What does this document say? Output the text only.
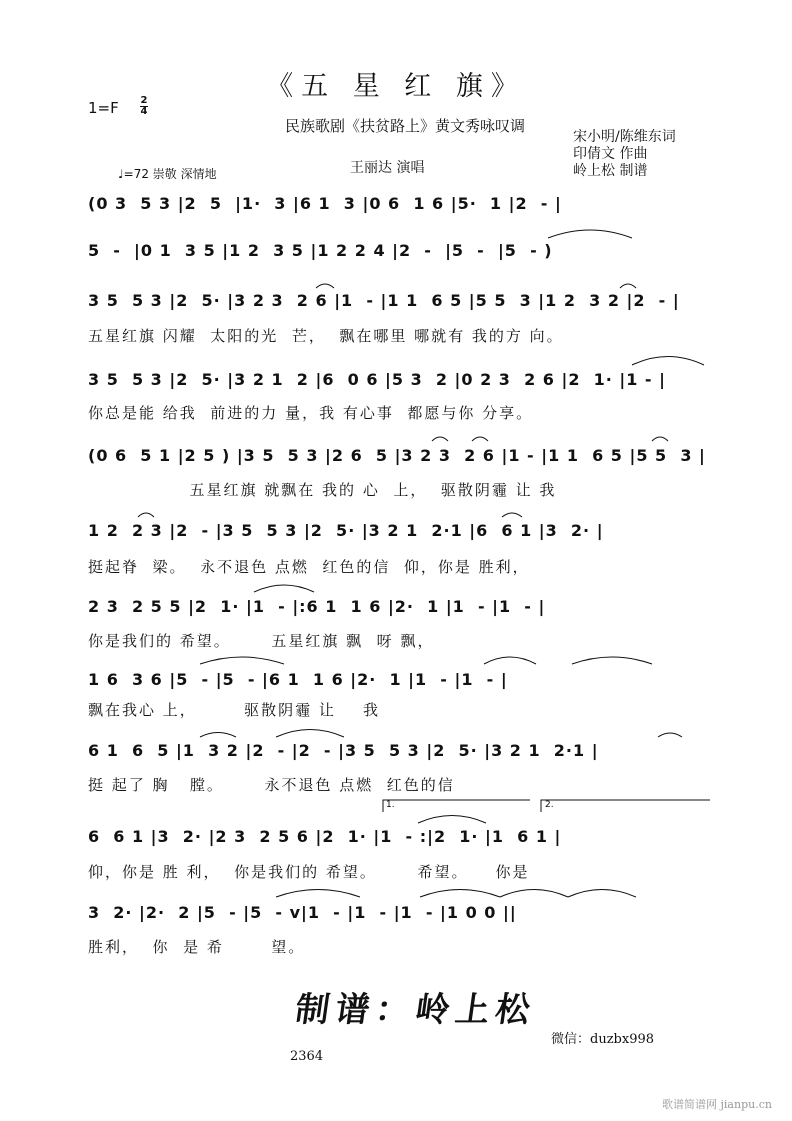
《五 星 红 旗》
民族歌剧《扶贫路上》黄文秀咏叹调
1=F 2
4
宋小明/陈维东词
印倩文 作曲
岭上松 制谱
王丽达 演唱
♩=72 崇敬 深情地
(0 3  5 3 |2  5  |1·  3 |6 1  3 |0 6  1 6 |5·  1 |2  - |
5  -  |0 1  3 5 |1 2  3 5 |1 2 2 4 |2  -  |5  -  |5  - )
3 5  5 3 |2  5· |3 2 3  2 6 |1  - |1 1  6 5 |5 5  3 |1 2  3 2 |2  - |
五星红旗 闪耀  太阳的光  芒，  飘在哪里 哪就有 我的方 向。
3 5  5 3 |2  5· |3 2 1  2 |6  0 6 |5 3  2 |0 2 3  2 6 |2  1· |1 - |
你总是能 给我  前进的力 量，我 有心事  都愿与你 分享。
(0 6  5 1 |2 5 ) |3 5  5 3 |2 6  5 |3 2 3  2 6 |1 - |1 1  6 5 |5 5  3 |
五星红旗 就飘在 我的 心  上，  驱散阴霾 让 我
1 2  2 3 |2  - |3 5  5 3 |2  5· |3 2 1  2·1 |6  6 1 |3  2· |
挺起脊  梁。  永不退色 点燃  红色的信  仰，你是 胜利，
2 3  2 5 5 |2  1· |1  - |:6 1  1 6 |2·  1 |1  - |1  - |
你是我们的 希望。      五星红旗 飘  呀 飘，
1 6  3 6 |5  - |5  - |6 1  1 6 |2·  1 |1  - |1  - |
飘在我心 上，       驱散阴霾 让    我
6 1  6  5 |1  3 2 |2  - |2  - |3 5  5 3 |2  5· |3 2 1  2·1 |
挺 起了 胸   膛。      永不退色 点燃  红色的信
1.	2.
6  6 1 |3  2· |2 3  2 5 6 |2  1· |1  - :|2  1· |1  6 1 |
仰，你是 胜 利，  你是我们的 希望。      希望。    你是
3  2· |2·  2 |5  - |5  - v|1  - |1  - |1  - |1 0 0 ||
胜利，  你  是 希       望。
制谱：岭上松
微信：duzbx998
2364
歌谱简谱网 jianpu.cn
